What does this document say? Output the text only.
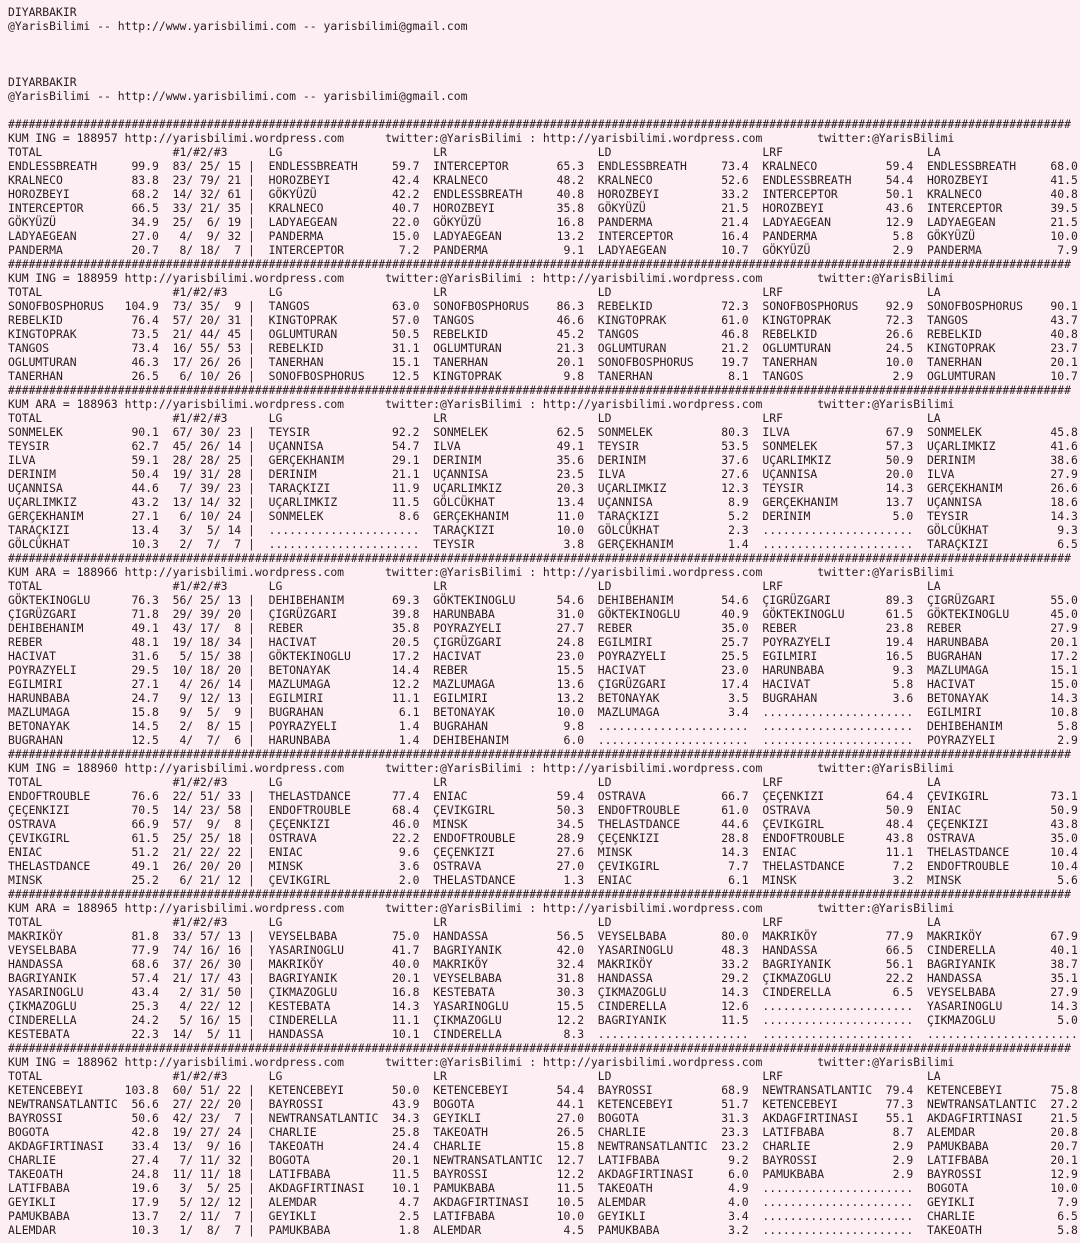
DIYARBAKIR
@YarisBilimi -- http://www.yarisbilimi.com -- yarisbilimi@gmail.com
DIYARBAKIR
@YarisBilimi -- http://www.yarisbilimi.com -- yarisbilimi@gmail.com
###########################################################################################################################################################
KUM ING = 188957 http://yarisbilimi.wordpress.com      twitter:@YarisBilimi : http://yarisbilimi.wordpress.com        twitter:@YarisBilimi
TOTAL                   #1/#2/#3      LG                      LR                      LD                      LRF                     LA
ENDLESSBREATH     99.9  83/ 25/ 15 |  ENDLESSBREATH     59.7  INTERCEPTOR       65.3  ENDLESSBREATH     73.4  KRALNECO          59.4  ENDLESSBREATH     68.0
KRALNECO          83.8  23/ 79/ 21 |  HOROZBEYI         42.4  KRALNECO          48.2  KRALNECO          52.6  ENDLESSBREATH     54.4  HOROZBEYI         41.5
HOROZBEYI         68.2  14/ 32/ 61 |  GÖKYÜZÜ           42.2  ENDLESSBREATH     40.8  HOROZBEYI         33.2  INTERCEPTOR       50.1  KRALNECO          40.8
INTERCEPTOR       66.5  33/ 21/ 35 |  KRALNECO          40.7  HOROZBEYI         35.8  GÖKYÜZÜ           21.5  HOROZBEYI         43.6  INTERCEPTOR       39.5
GÖKYÜZÜ           34.9  25/  6/ 19 |  LADYAEGEAN        22.0  GÖKYÜZÜ           16.8  PANDERMA          21.4  LADYAEGEAN        12.9  LADYAEGEAN        21.5
LADYAEGEAN        27.0   4/  9/ 32 |  PANDERMA          15.0  LADYAEGEAN        13.2  INTERCEPTOR       16.4  PANDERMA           5.8  GÖKYÜZÜ           10.0
PANDERMA          20.7   8/ 18/  7 |  INTERCEPTOR        7.2  PANDERMA           9.1  LADYAEGEAN        10.7  GÖKYÜZÜ            2.9  PANDERMA           7.9
###########################################################################################################################################################
KUM ING = 188959 http://yarisbilimi.wordpress.com      twitter:@YarisBilimi : http://yarisbilimi.wordpress.com        twitter:@YarisBilimi
TOTAL                   #1/#2/#3      LG                      LR                      LD                      LRF                     LA
SONOFBOSPHORUS   104.9  73/ 35/  9 |  TANGOS            63.0  SONOFBOSPHORUS    86.3  REBELKID          72.3  SONOFBOSPHORUS    92.9  SONOFBOSPHORUS    90.1
REBELKID          76.4  57/ 20/ 31 |  KINGTOPRAK        57.0  TANGOS            46.6  KINGTOPRAK        61.0  KINGTOPRAK        72.3  TANGOS            43.7
KINGTOPRAK        73.5  21/ 44/ 45 |  OGLUMTURAN        50.5  REBELKID          45.2  TANGOS            46.8  REBELKID          26.6  REBELKID          40.8
TANGOS            73.4  16/ 55/ 53 |  REBELKID          31.1  OGLUMTURAN        21.3  OGLUMTURAN        21.2  OGLUMTURAN        24.5  KINGTOPRAK        23.7
OGLUMTURAN        46.3  17/ 26/ 26 |  TANERHAN          15.1  TANERHAN          20.1  SONOFBOSPHORUS    19.7  TANERHAN          10.0  TANERHAN          20.1
TANERHAN          26.5   6/ 10/ 26 |  SONOFBOSPHORUS    12.5  KINGTOPRAK         9.8  TANERHAN           8.1  TANGOS             2.9  OGLUMTURAN        10.7
###########################################################################################################################################################
KUM ARA = 188963 http://yarisbilimi.wordpress.com      twitter:@YarisBilimi : http://yarisbilimi.wordpress.com        twitter:@YarisBilimi
TOTAL                   #1/#2/#3      LG                      LR                      LD                      LRF                     LA
SONMELEK          90.1  67/ 30/ 23 |  TEYSIR            92.2  SONMELEK          62.5  SONMELEK          80.3  ILVA              67.9  SONMELEK          45.8
TEYSIR            62.7  45/ 26/ 14 |  UÇANNISA          54.7  ILVA              49.1  TEYSIR            53.5  SONMELEK          57.3  UÇARLIMKIZ        41.6
ILVA              59.1  28/ 28/ 25 |  GERÇEKHANIM       29.1  DERINIM           35.6  DERINIM           37.6  UÇARLIMKIZ        50.9  DERINIM           38.6
DERINIM           50.4  19/ 31/ 28 |  DERINIM           21.1  UÇANNISA          23.5  ILVA              27.6  UÇANNISA          20.0  ILVA              27.9
UÇANNISA          44.6   7/ 39/ 23 |  TARAÇKIZI         11.9  UÇARLIMKIZ        20.3  UÇARLIMKIZ        12.3  TEYSIR            14.3  GERÇEKHANIM       26.6
UÇARLIMKIZ        43.2  13/ 14/ 32 |  UÇARLIMKIZ        11.5  GÖLCÜKHAT         13.4  UÇANNISA           8.9  GERÇEKHANIM       13.7  UÇANNISA          18.6
GERÇEKHANIM       27.1   6/ 10/ 24 |  SONMELEK           8.6  GERÇEKHANIM       11.0  TARAÇKIZI          5.2  DERINIM            5.0  TEYSIR            14.3
TARAÇKIZI         13.4   3/  5/ 14 |  ......................  TARAÇKIZI         10.0  GÖLCÜKHAT          2.3  ......................  GÖLCÜKHAT          9.3
GÖLCÜKHAT         10.3   2/  7/  7 |  ......................  TEYSIR             3.8  GERÇEKHANIM        1.4  ......................  TARAÇKIZI          6.5
###########################################################################################################################################################
KUM ARA = 188966 http://yarisbilimi.wordpress.com      twitter:@YarisBilimi : http://yarisbilimi.wordpress.com        twitter:@YarisBilimi
TOTAL                   #1/#2/#3      LG                      LR                      LD                      LRF                     LA
GÖKTEKINOGLU      76.3  56/ 25/ 13 |  DEHIBEHANIM       69.3  GÖKTEKINOGLU      54.6  DEHIBEHANIM       54.6  ÇIGRÜZGARI        89.3  ÇIGRÜZGARI        55.0
ÇIGRÜZGARI        71.8  29/ 39/ 20 |  ÇIGRÜZGARI        39.8  HARUNBABA         31.0  GÖKTEKINOGLU      40.9  GÖKTEKINOGLU      61.5  GÖKTEKINOGLU      45.0
DEHIBEHANIM       49.1  43/ 17/  8 |  REBER             35.8  POYRAZYELI        27.7  REBER             35.0  REBER             23.8  REBER             27.9
REBER             48.1  19/ 18/ 34 |  HACIVAT           20.5  ÇIGRÜZGARI        24.8  EGILMIRI          25.7  POYRAZYELI        19.4  HARUNBABA         20.1
HACIVAT           31.6   5/ 15/ 38 |  GÖKTEKINOGLU      17.2  HACIVAT           23.0  POYRAZYELI        25.5  EGILMIRI          16.5  BUGRAHAN          17.2
POYRAZYELI        29.5  10/ 18/ 20 |  BETONAYAK         14.4  REBER             15.5  HACIVAT           23.0  HARUNBABA          9.3  MAZLUMAGA         15.1
EGILMIRI          27.1   4/ 26/ 14 |  MAZLUMAGA         12.2  MAZLUMAGA         13.6  ÇIGRÜZGARI        17.4  HACIVAT            5.8  HACIVAT           15.0
HARUNBABA         24.7   9/ 12/ 13 |  EGILMIRI          11.1  EGILMIRI          13.2  BETONAYAK          3.5  BUGRAHAN           3.6  BETONAYAK         14.3
MAZLUMAGA         15.8   9/  5/  9 |  BUGRAHAN           6.1  BETONAYAK         10.0  MAZLUMAGA          3.4  ......................  EGILMIRI          10.8
BETONAYAK         14.5   2/  8/ 15 |  POYRAZYELI         1.4  BUGRAHAN           9.8  ......................  ......................  DEHIBEHANIM        5.8
BUGRAHAN          12.5   4/  7/  6 |  HARUNBABA          1.4  DEHIBEHANIM        6.0  ......................  ......................  POYRAZYELI         2.9
###########################################################################################################################################################
KUM ING = 188960 http://yarisbilimi.wordpress.com      twitter:@YarisBilimi : http://yarisbilimi.wordpress.com        twitter:@YarisBilimi
TOTAL                   #1/#2/#3      LG                      LR                      LD                      LRF                     LA
ENDOFTROUBLE      76.6  22/ 51/ 33 |  THELASTDANCE      77.4  ENIAC             59.4  OSTRAVA           66.7  ÇEÇENKIZI         64.4  ÇEVIKGIRL         73.1
ÇEÇENKIZI         70.5  14/ 23/ 58 |  ENDOFTROUBLE      68.4  ÇEVIKGIRL         50.3  ENDOFTROUBLE      61.0  OSTRAVA           50.9  ENIAC             50.9
OSTRAVA           66.9  57/  9/  8 |  ÇEÇENKIZI         46.0  MINSK             34.5  THELASTDANCE      44.6  ÇEVIKGIRL         48.4  ÇEÇENKIZI         43.8
ÇEVIKGIRL         61.5  25/ 25/ 18 |  OSTRAVA           22.2  ENDOFTROUBLE      28.9  ÇEÇENKIZI         28.8  ENDOFTROUBLE      43.8  OSTRAVA           35.0
ENIAC             51.2  21/ 22/ 22 |  ENIAC              9.6  ÇEÇENKIZI         27.6  MINSK             14.3  ENIAC             11.1  THELASTDANCE      10.4
THELASTDANCE      49.1  26/ 20/ 20 |  MINSK              3.6  OSTRAVA           27.0  ÇEVIKGIRL          7.7  THELASTDANCE       7.2  ENDOFTROUBLE      10.4
MINSK             25.2   6/ 21/ 12 |  ÇEVIKGIRL          2.0  THELASTDANCE       1.3  ENIAC              6.1  MINSK              3.2  MINSK              5.6
###########################################################################################################################################################
KUM ARA = 188965 http://yarisbilimi.wordpress.com      twitter:@YarisBilimi : http://yarisbilimi.wordpress.com        twitter:@YarisBilimi
TOTAL                   #1/#2/#3      LG                      LR                      LD                      LRF                     LA
MAKRIKÖY          81.8  33/ 57/ 13 |  VEYSELBABA        75.0  HANDASSA          56.5  VEYSELBABA        80.0  MAKRIKÖY          77.9  MAKRIKÖY          67.9
VEYSELBABA        77.9  74/ 16/ 16 |  YASARINOGLU       41.7  BAGRIYANIK        42.0  YASARINOGLU       48.3  HANDASSA          66.5  CINDERELLA        40.1
HANDASSA          68.6  37/ 26/ 30 |  MAKRIKÖY          40.0  MAKRIKÖY          32.4  MAKRIKÖY          33.2  BAGRIYANIK        56.1  BAGRIYANIK        38.7
BAGRIYANIK        57.4  21/ 17/ 43 |  BAGRIYANIK        20.1  VEYSELBABA        31.8  HANDASSA          29.2  ÇIKMAZOGLU        22.2  HANDASSA          35.1
YASARINOGLU       43.4   2/ 31/ 50 |  ÇIKMAZOGLU        16.8  KESTEBATA         30.3  ÇIKMAZOGLU        14.3  CINDERELLA         6.5  VEYSELBABA        27.9
ÇIKMAZOGLU        25.3   4/ 22/ 12 |  KESTEBATA         14.3  YASARINOGLU       15.5  CINDERELLA        12.6  ......................  YASARINOGLU       14.3
CINDERELLA        24.2   5/ 16/ 15 |  CINDERELLA        11.1  ÇIKMAZOGLU        12.2  BAGRIYANIK        11.5  ......................  ÇIKMAZOGLU         5.0
KESTEBATA         22.3  14/  5/ 11 |  HANDASSA          10.1  CINDERELLA         8.3  ......................  ......................  ......................
###########################################################################################################################################################
KUM ING = 188962 http://yarisbilimi.wordpress.com      twitter:@YarisBilimi : http://yarisbilimi.wordpress.com        twitter:@YarisBilimi
TOTAL                   #1/#2/#3      LG                      LR                      LD                      LRF                     LA
KETENCEBEYI      103.8  60/ 51/ 22 |  KETENCEBEYI       50.0  KETENCEBEYI       54.4  BAYROSSI          68.9  NEWTRANSATLANTIC  79.4  KETENCEBEYI       75.8
NEWTRANSATLANTIC  56.6  27/ 22/ 20 |  BAYROSSI          43.9  BOGOTA            44.1  KETENCEBEYI       51.7  KETENCEBEYI       77.3  NEWTRANSATLANTIC  27.2
BAYROSSI          50.6  42/ 23/  7 |  NEWTRANSATLANTIC  34.3  GEYIKLI           27.0  BOGOTA            31.3  AKDAGFIRTINASI    55.1  AKDAGFIRTINASI    21.5
BOGOTA            42.8  19/ 27/ 24 |  CHARLIE           25.8  TAKEOATH          26.5  CHARLIE           23.3  LATIFBABA          8.7  ALEMDAR           20.8
AKDAGFIRTINASI    33.4  13/  9/ 16 |  TAKEOATH          24.4  CHARLIE           15.8  NEWTRANSATLANTIC  23.2  CHARLIE            2.9  PAMUKBABA         20.7
CHARLIE           27.4   7/ 11/ 32 |  BOGOTA            20.1  NEWTRANSATLANTIC  12.7  LATIFBABA          9.2  BAYROSSI           2.9  LATIFBABA         20.1
TAKEOATH          24.8  11/ 11/ 18 |  LATIFBABA         11.5  BAYROSSI          12.2  AKDAGFIRTINASI     6.0  PAMUKBABA          2.9  BAYROSSI          12.9
LATIFBABA         19.6   3/  5/ 25 |  AKDAGFIRTINASI    10.1  PAMUKBABA         11.5  TAKEOATH           4.9  ......................  BOGOTA            10.0
GEYIKLI           17.9   5/ 12/ 12 |  ALEMDAR            4.7  AKDAGFIRTINASI    10.5  ALEMDAR            4.0  ......................  GEYIKLI            7.9
PAMUKBABA         13.7   2/ 11/  7 |  GEYIKLI            2.5  LATIFBABA         10.0  GEYIKLI            3.4  ......................  CHARLIE            6.5
ALEMDAR           10.3   1/  8/  7 |  PAMUKBABA          1.8  ALEMDAR            4.5  PAMUKBABA          3.2  ......................  TAKEOATH           5.8
